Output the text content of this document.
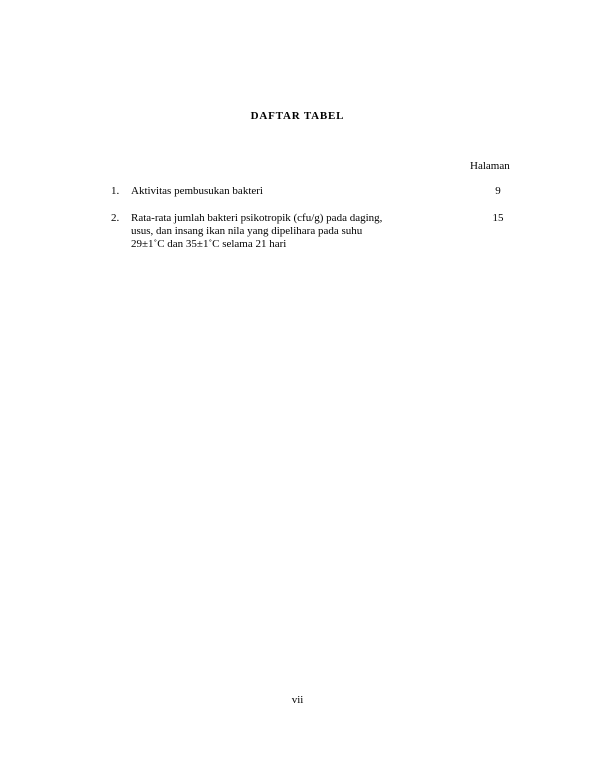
DAFTAR TABEL
Halaman
1. Aktivitas pembusukan bakteri	9
2. Rata-rata jumlah bakteri psikotropik (cfu/g) pada daging,
usus, dan insang ikan nila yang dipelihara pada suhu
29±1˚C dan 35±1˚C selama 21 hari
15
vii
